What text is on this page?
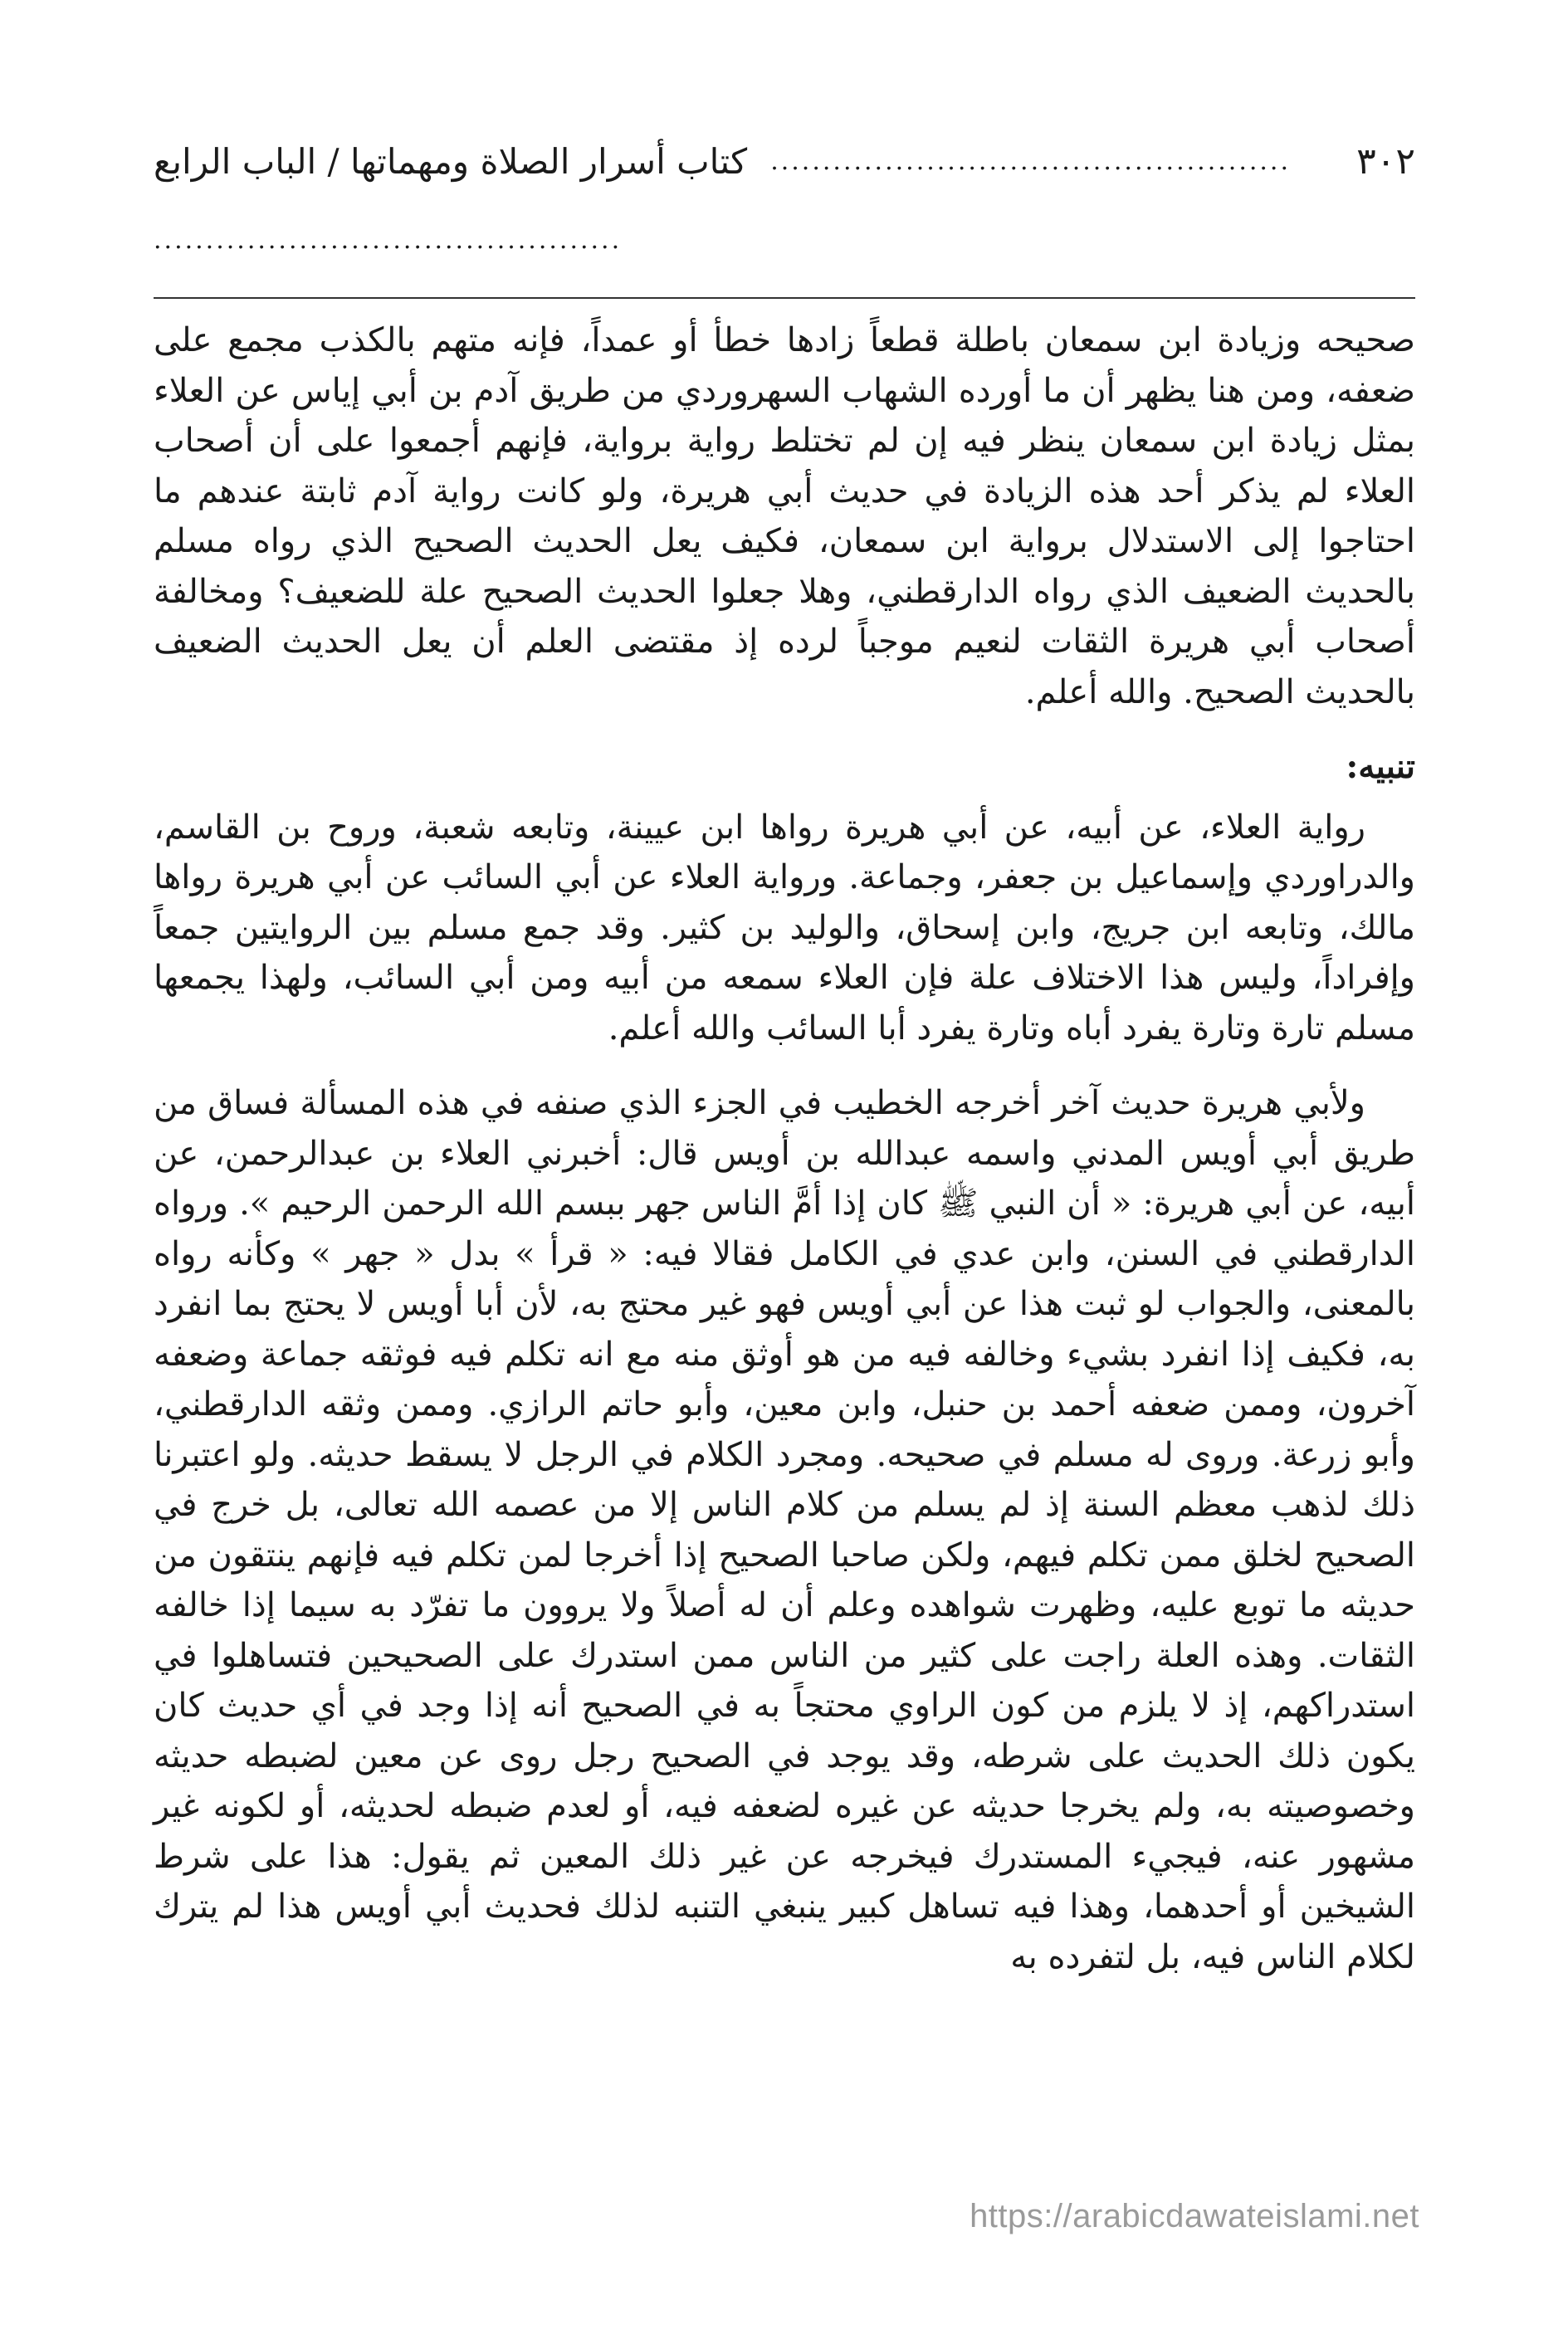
٣٠٢
..................................................
كتاب أسرار الصلاة ومهماتها / الباب الرابع
.............................................

صحيحه وزيادة ابن سمعان باطلة قطعاً زادها خطأ أو عمداً، فإنه متهم بالكذب مجمع على ضعفه، ومن هنا يظهر أن ما أورده الشهاب السهروردي من طريق آدم بن أبي إياس عن العلاء بمثل زيادة ابن سمعان ينظر فيه إن لم تختلط رواية برواية، فإنهم أجمعوا على أن أصحاب العلاء لم يذكر أحد هذه الزيادة في حديث أبي هريرة، ولو كانت رواية آدم ثابتة عندهم ما احتاجوا إلى الاستدلال برواية ابن سمعان، فكيف يعل الحديث الصحيح الذي رواه مسلم بالحديث الضعيف الذي رواه الدارقطني، وهلا جعلوا الحديث الصحيح علة للضعيف؟ ومخالفة أصحاب أبي هريرة الثقات لنعيم موجباً لرده إذ مقتضى العلم أن يعل الحديث الضعيف بالحديث الصحيح. والله أعلم.

تنبيه:

رواية العلاء، عن أبيه، عن أبي هريرة رواها ابن عيينة، وتابعه شعبة، وروح بن القاسم، والدراوردي وإسماعيل بن جعفر، وجماعة. ورواية العلاء عن أبي السائب عن أبي هريرة رواها مالك، وتابعه ابن جريج، وابن إسحاق، والوليد بن كثير. وقد جمع مسلم بين الروايتين جمعاً وإفراداً، وليس هذا الاختلاف علة فإن العلاء سمعه من أبيه ومن أبي السائب، ولهذا يجمعها مسلم تارة وتارة يفرد أباه وتارة يفرد أبا السائب والله أعلم.

ولأبي هريرة حديث آخر أخرجه الخطيب في الجزء الذي صنفه في هذه المسألة فساق من طريق أبي أويس المدني واسمه عبدالله بن أويس قال: أخبرني العلاء بن عبدالرحمن، عن أبيه، عن أبي هريرة: « أن النبي ﷺ كان إذا أمَّ الناس جهر ببسم الله الرحمن الرحيم ». ورواه الدارقطني في السنن، وابن عدي في الكامل فقالا فيه: « قرأ » بدل « جهر » وكأنه رواه بالمعنى، والجواب لو ثبت هذا عن أبي أويس فهو غير محتج به، لأن أبا أويس لا يحتج بما انفرد به، فكيف إذا انفرد بشيء وخالفه فيه من هو أوثق منه مع انه تكلم فيه فوثقه جماعة وضعفه آخرون، وممن ضعفه أحمد بن حنبل، وابن معين، وأبو حاتم الرازي. وممن وثقه الدارقطني، وأبو زرعة. وروى له مسلم في صحيحه. ومجرد الكلام في الرجل لا يسقط حديثه. ولو اعتبرنا ذلك لذهب معظم السنة إذ لم يسلم من كلام الناس إلا من عصمه الله تعالى، بل خرج في الصحيح لخلق ممن تكلم فيهم، ولكن صاحبا الصحيح إذا أخرجا لمن تكلم فيه فإنهم ينتقون من حديثه ما توبع عليه، وظهرت شواهده وعلم أن له أصلاً ولا يروون ما تفرّد به سيما إذا خالفه الثقات. وهذه العلة راجت على كثير من الناس ممن استدرك على الصحيحين فتساهلوا في استدراكهم، إذ لا يلزم من كون الراوي محتجاً به في الصحيح أنه إذا وجد في أي حديث كان يكون ذلك الحديث على شرطه، وقد يوجد في الصحيح رجل روى عن معين لضبطه حديثه وخصوصيته به، ولم يخرجا حديثه عن غيره لضعفه فيه، أو لعدم ضبطه لحديثه، أو لكونه غير مشهور عنه، فيجيء المستدرك فيخرجه عن غير ذلك المعين ثم يقول: هذا على شرط الشيخين أو أحدهما، وهذا فيه تساهل كبير ينبغي التنبه لذلك فحديث أبي أويس هذا لم يترك لكلام الناس فيه، بل لتفرده به

https://arabicdawateislami.net
